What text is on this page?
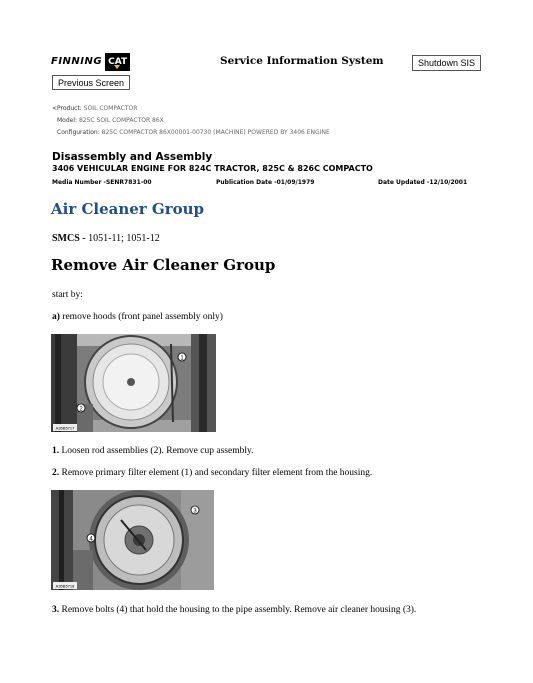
FINNING CAT	Service Information System	Shutdown SIS
Previous Screen
<Product: SOIL COMPACTOR
Model: 825C SOIL COMPACTOR 86X
Configuration: 825C COMPACTOR 86X00001-00730 (MACHINE) POWERED BY 3406 ENGINE
Disassembly and Assembly
3406 VEHICULAR ENGINE FOR 824C TRACTOR, 825C & 826C COMPACTO
Media Number -SENR7831-00	Publication Date -01/09/1979	Date Updated -12/10/2001
Air Cleaner Group
SMCS - 1051-11; 1051-12
Remove Air Cleaner Group
start by:
a) remove hoods (front panel assembly only)
1
2
A35B5717
1. Loosen rod assemblies (2). Remove cup assembly.
2. Remove primary filter element (1) and secondary filter element from the housing.
4
3
A35B5718
3. Remove bolts (4) that hold the housing to the pipe assembly. Remove air cleaner housing (3).
